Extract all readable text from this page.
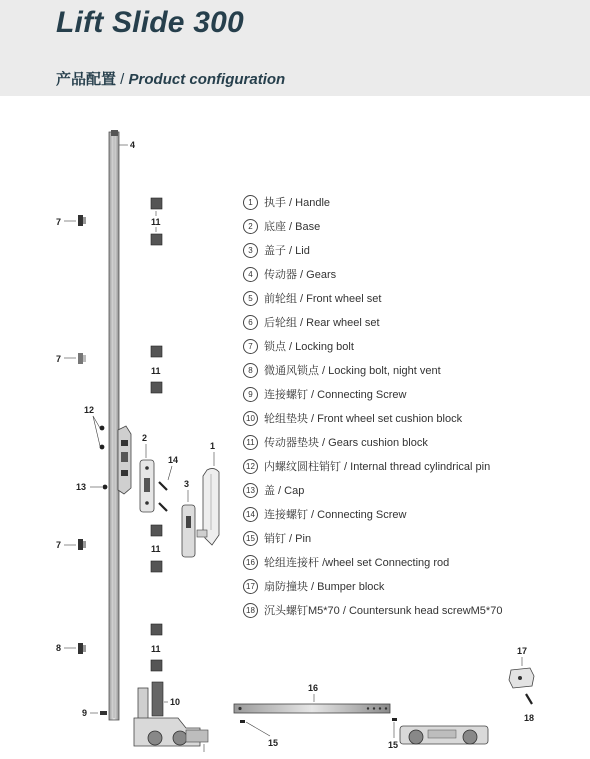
Lift Slide 300
产品配置 / Product configuration
4
7
7
7
8
9
11
11
11
11
12
13
2
14
3
1
10
16
15	15
17
18
1 执手 / Handle
2 底座 / Base
3 盖子 / Lid
4 传动器 / Gears
5 前轮组 / Front wheel set
6 后轮组 / Rear wheel set
7 锁点 / Locking bolt
8 微通风锁点 / Locking bolt, night vent
9 连接螺钉 / Connecting Screw
10 轮组垫块 / Front wheel set cushion block
11 传动器垫块 / Gears cushion block
12 内螺纹圆柱销钉 / Internal thread cylindrical pin
13 盖 / Cap
14 连接螺钉 / Connecting Screw
15 销钉 / Pin
16 轮组连接杆 /wheel set Connecting rod
17 扇防撞块 / Bumper block
18 沉头螺钉M5*70 / Countersunk head screwM5*70
